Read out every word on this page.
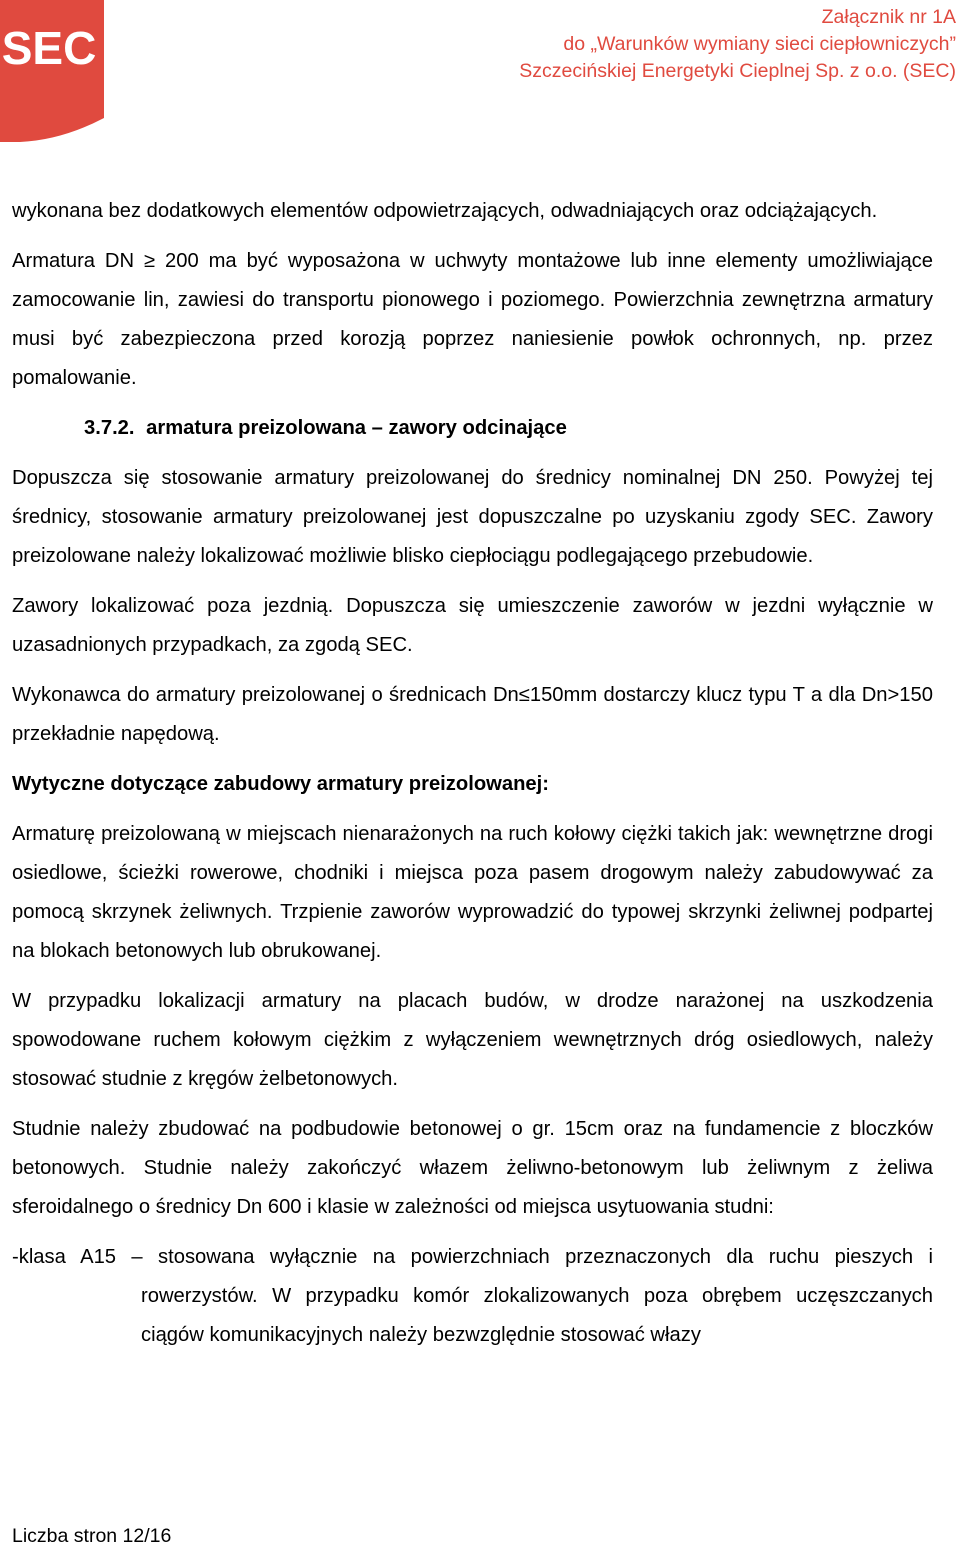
SEC
Załącznik nr 1A
do „Warunków wymiany sieci ciepłowniczych”
Szczecińskiej Energetyki Cieplnej Sp. z o.o. (SEC)
wykonana bez dodatkowych elementów odpowietrzających, odwadniających oraz odciążających.
Armatura DN ≥ 200 ma być wyposażona w uchwyty montażowe lub inne elementy umożliwiające zamocowanie lin, zawiesi do transportu pionowego i poziomego. Powierzchnia zewnętrzna armatury musi być zabezpieczona przed korozją poprzez naniesienie powłok ochronnych, np. przez pomalowanie.
3.7.2. armatura preizolowana – zawory odcinające
Dopuszcza się stosowanie armatury preizolowanej do średnicy nominalnej DN 250. Powyżej tej średnicy, stosowanie armatury preizolowanej jest dopuszczalne po uzyskaniu zgody SEC. Zawory preizolowane należy lokalizować możliwie blisko ciepłociągu podlegającego przebudowie.
Zawory lokalizować poza jezdnią. Dopuszcza się umieszczenie zaworów w jezdni wyłącznie w uzasadnionych przypadkach, za zgodą SEC.
Wykonawca do armatury preizolowanej o średnicach Dn≤150mm dostarczy klucz typu T a dla Dn>150 przekładnie napędową.
Wytyczne dotyczące zabudowy armatury preizolowanej:
Armaturę preizolowaną w miejscach nienarażonych na ruch kołowy ciężki takich jak: wewnętrzne drogi osiedlowe, ścieżki rowerowe, chodniki i miejsca poza pasem drogowym należy zabudowywać za pomocą skrzynek żeliwnych. Trzpienie zaworów wyprowadzić do typowej skrzynki żeliwnej podpartej na blokach betonowych lub obrukowanej.
W przypadku lokalizacji armatury na placach budów, w drodze narażonej na uszkodzenia spowodowane ruchem kołowym ciężkim z wyłączeniem wewnętrznych dróg osiedlowych, należy stosować studnie z kręgów żelbetonowych.
Studnie należy zbudować na podbudowie betonowej o gr. 15cm oraz na fundamencie z bloczków betonowych. Studnie należy zakończyć włazem żeliwno-betonowym lub żeliwnym z żeliwa sferoidalnego o średnicy Dn 600 i klasie w zależności od miejsca usytuowania studni:
-klasa A15 – stosowana wyłącznie na powierzchniach przeznaczonych dla ruchu pieszych i rowerzystów. W przypadku komór zlokalizowanych poza obrębem uczęszczanych ciągów komunikacyjnych należy bezwzględnie stosować włazy
Liczba stron 12/16
